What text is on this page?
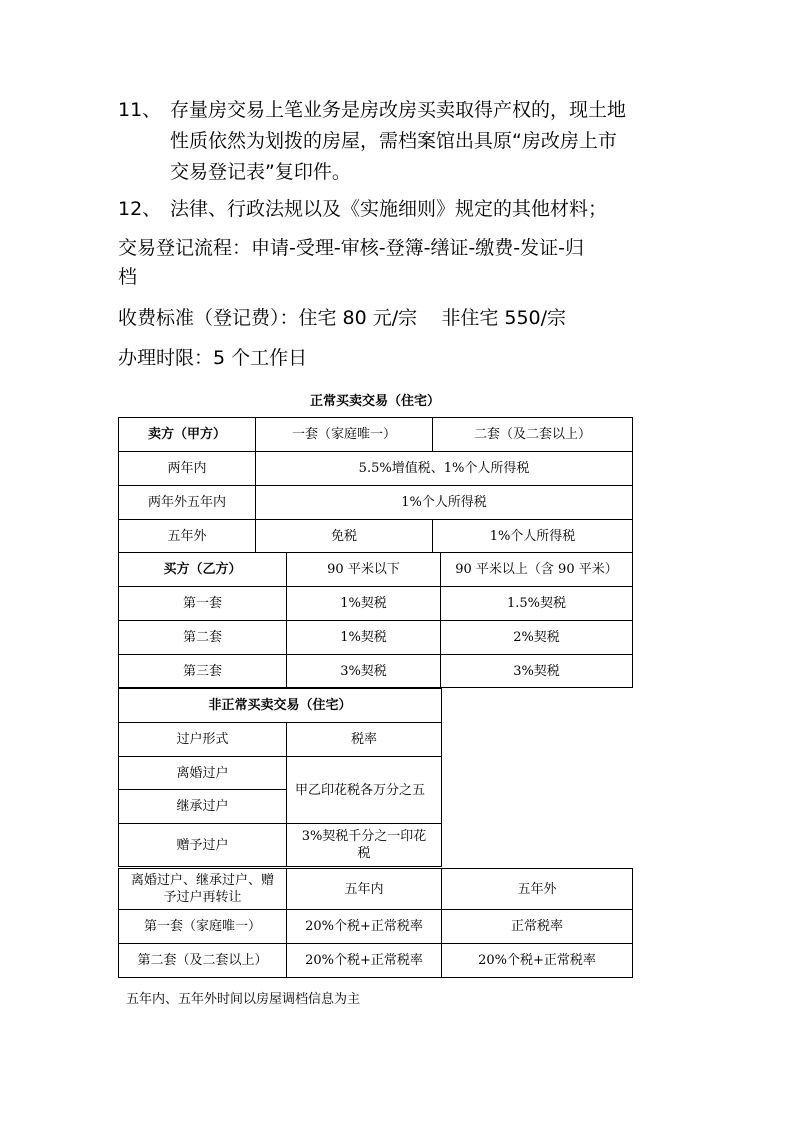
11、 存量房交易上笔业务是房改房买卖取得产权的，现土地
性质依然为划拨的房屋，需档案馆出具原“房改房上市
交易登记表”复印件。
12、 法律、行政法规以及《实施细则》规定的其他材料；
交易登记流程：申请-受理-审核-登簿-缮证-缴费-发证-归
档
收费标准（登记费）：住宅 80 元/宗    非住宅 550/宗
办理时限：5 个工作日
正常买卖交易（住宅）
卖方（甲方）	一套（家庭唯一）	二套（及二套以上）
两年内	5.5%增值税、1%个人所得税	
两年外五年内	1%个人所得税	
五年外	免税	1%个人所得税
买方（乙方）	90 平米以下	90 平米以上（含 90 平米）
第一套	1%契税	1.5%契税
第二套	1%契税	2%契税
第三套	3%契税	3%契税
非正常买卖交易（住宅）	
过户形式	税率
离婚过户	甲乙印花税各万分之五
继承过户	
赠予过户	3%契税千分之一印花税
离婚过户、继承过户、赠予过户再转让	五年内	五年外
第一套（家庭唯一）	20%个税+正常税率	正常税率
第二套（及二套以上）	20%个税+正常税率	20%个税+正常税率
五年内、五年外时间以房屋调档信息为主
